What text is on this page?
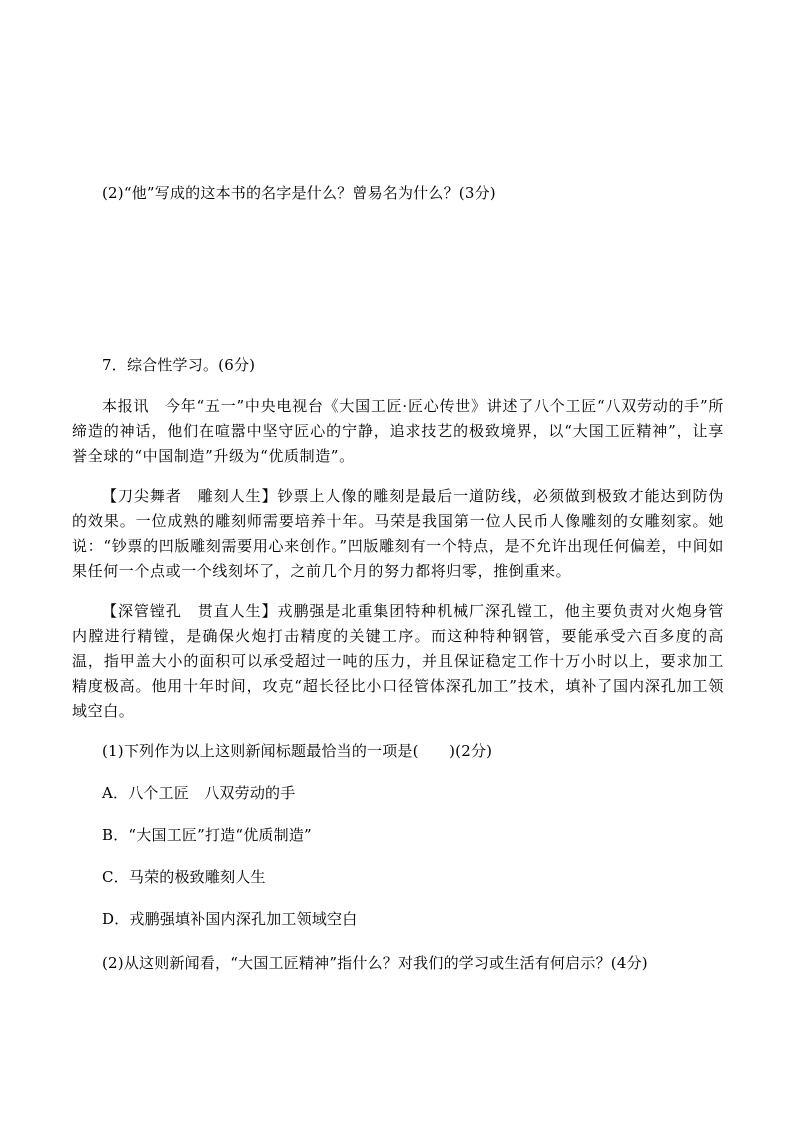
(2)“他”写成的这本书的名字是什么？曾易名为什么？(3分)
7．综合性学习。(6分)
本报讯　今年“五一”中央电视台《大国工匠·匠心传世》讲述了八个工匠“八双劳动的手”所缔造的神话，他们在喧嚣中坚守匠心的宁静，追求技艺的极致境界，以“大国工匠精神”，让享誉全球的“中国制造”升级为“优质制造”。
【刀尖舞者　雕刻人生】钞票上人像的雕刻是最后一道防线，必须做到极致才能达到防伪的效果。一位成熟的雕刻师需要培养十年。马荣是我国第一位人民币人像雕刻的女雕刻家。她说：“钞票的凹版雕刻需要用心来创作。”凹版雕刻有一个特点，是不允许出现任何偏差，中间如果任何一个点或一个线刻坏了，之前几个月的努力都将归零，推倒重来。
【深管镗孔　贯直人生】戎鹏强是北重集团特种机械厂深孔镗工，他主要负责对火炮身管内膛进行精镗，是确保火炮打击精度的关键工序。而这种特种钢管，要能承受六百多度的高温，指甲盖大小的面积可以承受超过一吨的压力，并且保证稳定工作十万小时以上，要求加工精度极高。他用十年时间，攻克“超长径比小口径管体深孔加工”技术，填补了国内深孔加工领域空白。
(1)下列作为以上这则新闻标题最恰当的一项是(　　)(2分)
A．八个工匠　八双劳动的手
B．“大国工匠”打造“优质制造”
C．马荣的极致雕刻人生
D．戎鹏强填补国内深孔加工领域空白
(2)从这则新闻看，“大国工匠精神”指什么？对我们的学习或生活有何启示？(4分)
